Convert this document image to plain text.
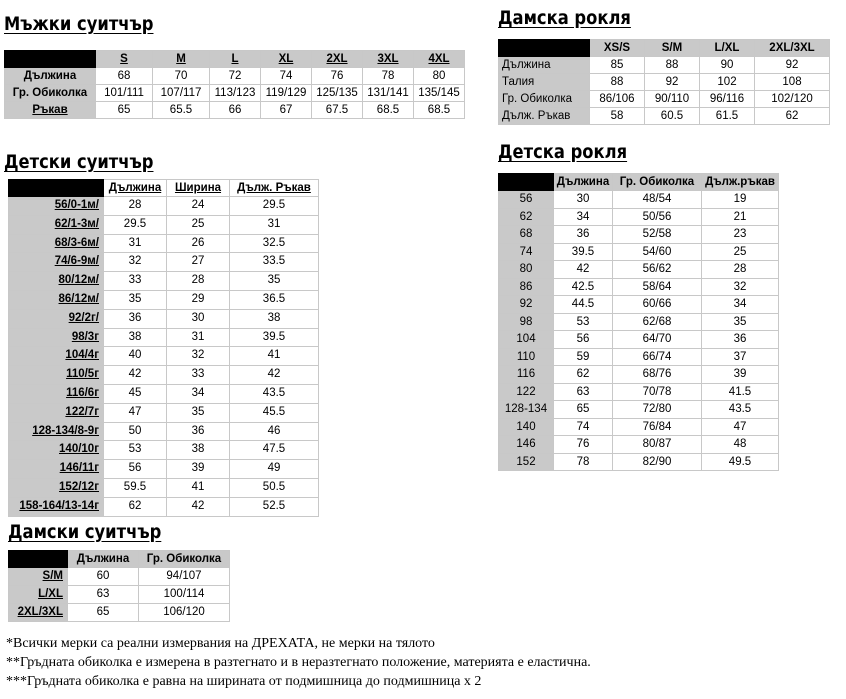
Мъжки суитчър
	S	M	L	XL	2XL	3XL	4XL
Дължина	68	70	72	74	76	78	80
Гр. Обиколка	101/111	107/117	113/123	119/129	125/135	131/141	135/145
Ръкав	65	65.5	66	67	67.5	68.5	68.5
Детски суитчър
	Дължина	Ширина	Дълж. Ръкав
56/0-1м/	28	24	29.5
62/1-3м/	29.5	25	31
68/3-6м/	31	26	32.5
74/6-9м/	32	27	33.5
80/12м/	33	28	35
86/12м/	35	29	36.5
92/2г/	36	30	38
98/3г	38	31	39.5
104/4г	40	32	41
110/5г	42	33	42
116/6г	45	34	43.5
122/7г	47	35	45.5
128-134/8-9г	50	36	46
140/10г	53	38	47.5
146/11г	56	39	49
152/12г	59.5	41	50.5
158-164/13-14г	62	42	52.5
Дамски суитчър
	Дължина	Гр. Обиколка
S/M	60	94/107
L/XL	63	100/114
2XL/3XL	65	106/120
Дамска рокля
	XS/S	S/M	L/XL	2XL/3XL
Дължина	85	88	90	92
Талия	88	92	102	108
Гр. Обиколка	86/106	90/110	96/116	102/120
Дълж. Ръкав	58	60.5	61.5	62
Детска рокля
	Дължина	Гр. Обиколка	Дълж.ръкав
56	30	48/54	19
62	34	50/56	21
68	36	52/58	23
74	39.5	54/60	25
80	42	56/62	28
86	42.5	58/64	32
92	44.5	60/66	34
98	53	62/68	35
104	56	64/70	36
110	59	66/74	37
116	62	68/76	39
122	63	70/78	41.5
128-134	65	72/80	43.5
140	74	76/84	47
146	76	80/87	48
152	78	82/90	49.5
*Всички мерки са реални измервания на ДРЕХАТА, не мерки на тялото
**Гръдната обиколка е измерена в разтегнато и в неразтегнато положение, материята е еластична.
***Гръдната обиколка е равна на ширината от подмишница до подмишница х 2
